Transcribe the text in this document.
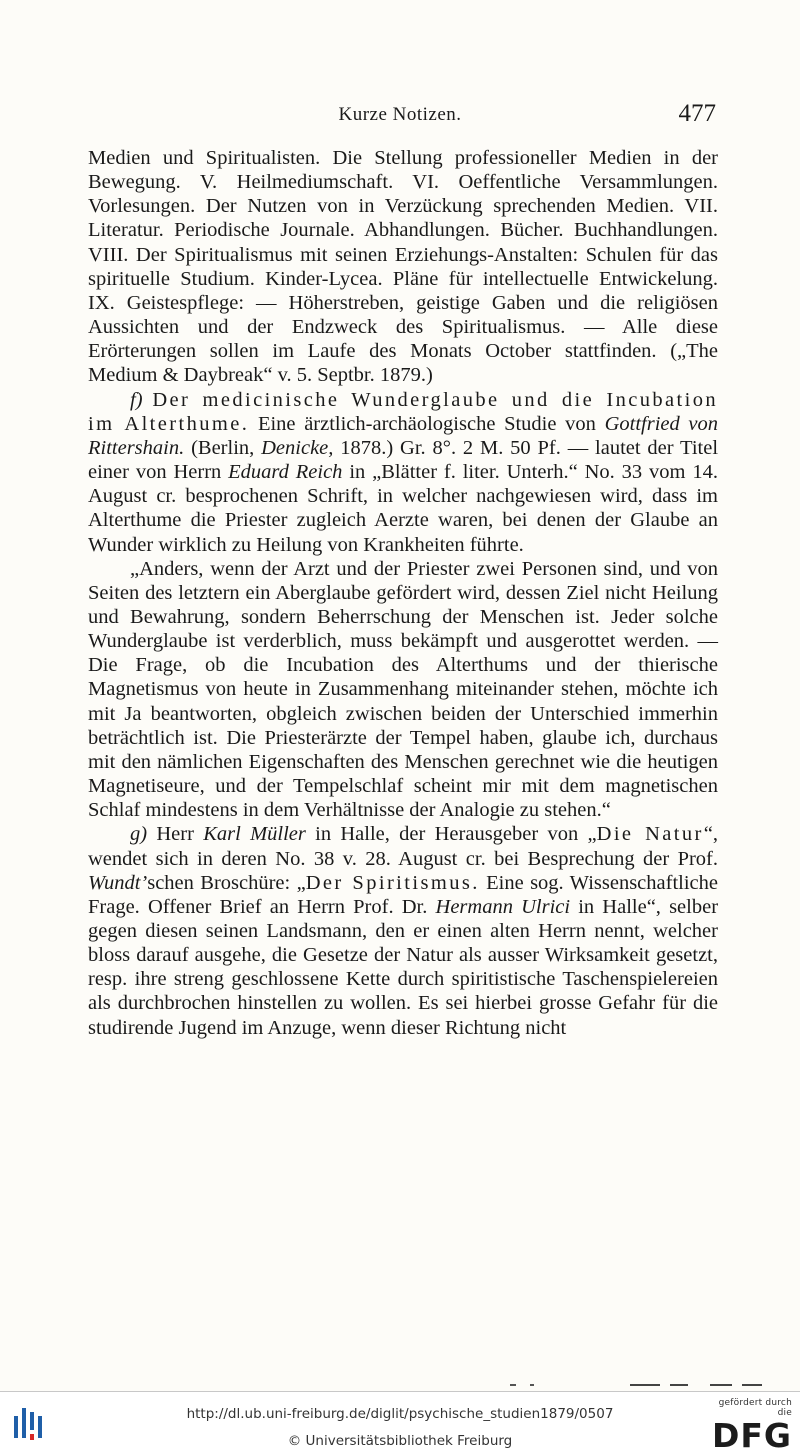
Kurze Notizen.	477

Medien und Spiritualisten. Die Stellung professioneller Medien in der Bewegung. V. Heilmediumschaft. VI. Oeffentliche Versammlungen. Vorlesungen. Der Nutzen von in Verzückung sprechenden Medien. VII. Literatur. Periodische Journale. Abhandlungen. Bücher. Buchhandlungen. VIII. Der Spiritualismus mit seinen Erziehungs-Anstalten: Schulen für das spirituelle Studium. Kinder-Lycea. Pläne für intellectuelle Entwickelung. IX. Geistespflege: — Höherstreben, geistige Gaben und die religiösen Aussichten und der Endzweck des Spiritualismus. — Alle diese Erörterungen sollen im Laufe des Monats October stattfinden. („The Medium & Daybreak“ v. 5. Septbr. 1879.)

f) Der medicinische Wunderglaube und die Incubation im Alterthume. Eine ärztlich-archäologische Studie von Gottfried von Rittershain. (Berlin, Denicke, 1878.) Gr. 8°. 2 M. 50 Pf. — lautet der Titel einer von Herrn Eduard Reich in „Blätter f. liter. Unterh.“ No. 33 vom 14. August cr. besprochenen Schrift, in welcher nachgewiesen wird, dass im Alterthume die Priester zugleich Aerzte waren, bei denen der Glaube an Wunder wirklich zu Heilung von Krankheiten führte.

„Anders, wenn der Arzt und der Priester zwei Personen sind, und von Seiten des letztern ein Aberglaube gefördert wird, dessen Ziel nicht Heilung und Bewahrung, sondern Beherrschung der Menschen ist. Jeder solche Wunderglaube ist verderblich, muss bekämpft und ausgerottet werden. — Die Frage, ob die Incubation des Alterthums und der thierische Magnetismus von heute in Zusammenhang miteinander stehen, möchte ich mit Ja beantworten, obgleich zwischen beiden der Unterschied immerhin beträchtlich ist. Die Priesterärzte der Tempel haben, glaube ich, durchaus mit den nämlichen Eigenschaften des Menschen gerechnet wie die heutigen Magnetiseure, und der Tempelschlaf scheint mir mit dem magnetischen Schlaf mindestens in dem Verhältnisse der Analogie zu stehen.“

g) Herr Karl Müller in Halle, der Herausgeber von „Die Natur“, wendet sich in deren No. 38 v. 28. August cr. bei Besprechung der Prof. Wundt’schen Broschüre: „Der Spiritismus. Eine sog. Wissenschaftliche Frage. Offener Brief an Herrn Prof. Dr. Hermann Ulrici in Halle“, selber gegen diesen seinen Landsmann, den er einen alten Herrn nennt, welcher bloss darauf ausgehe, die Gesetze der Natur als ausser Wirksamkeit gesetzt, resp. ihre streng geschlossene Kette durch spiritistische Taschenspielereien als durchbrochen hinstellen zu wollen. Es sei hierbei grosse Gefahr für die studirende Jugend im Anzuge, wenn dieser Richtung nicht

http://dl.ub.uni-freiburg.de/diglit/psychische_studien1879/0507
© Universitätsbibliothek Freiburg
gefördert durch die
DFG
